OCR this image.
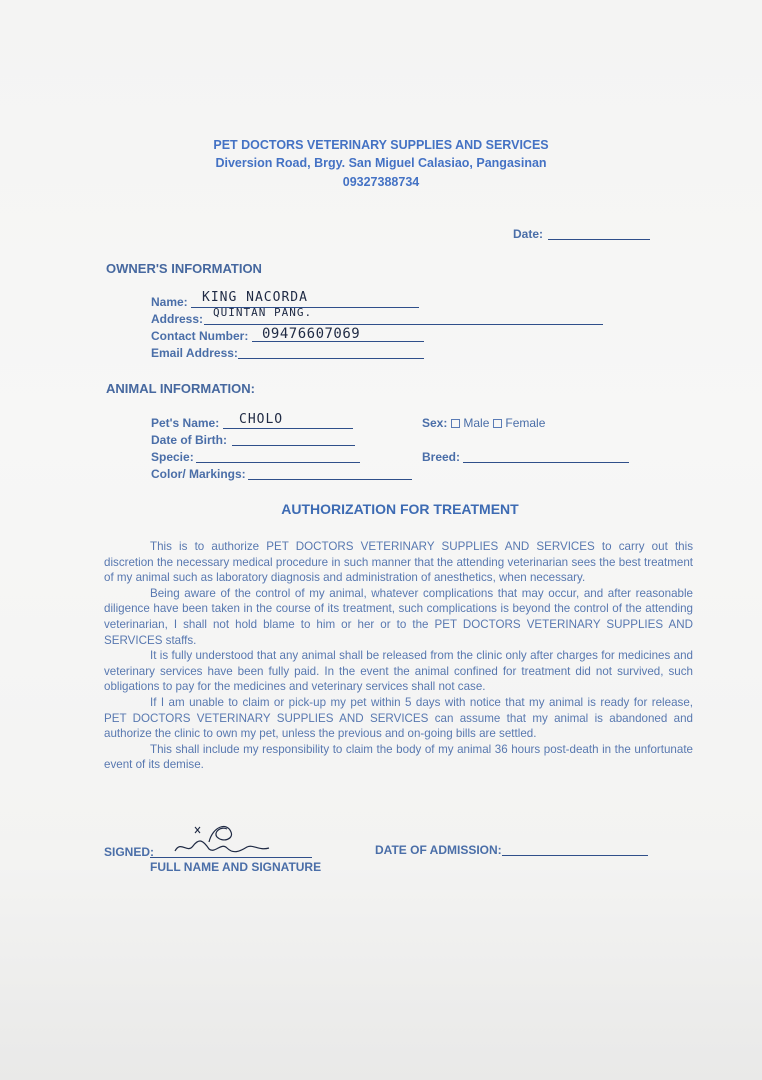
PET DOCTORS VETERINARY SUPPLIES AND SERVICES
Diversion Road, Brgy. San Miguel Calasiao, Pangasinan
09327388734
Date:
OWNER'S INFORMATION
Name: KING NACORDA
Address: QUINTAN PANG.
Contact Number: 09476607069
Email Address:
ANIMAL INFORMATION:
Pet's Name: CHOLO	Sex: Male Female
Date of Birth:
Specie:	Breed:
Color/ Markings:
AUTHORIZATION FOR TREATMENT

This is to authorize PET DOCTORS VETERINARY SUPPLIES AND SERVICES to carry out this discretion the necessary medical procedure in such manner that the attending veterinarian sees the best treatment of my animal such as laboratory diagnosis and administration of anesthetics, when necessary.

Being aware of the control of my animal, whatever complications that may occur, and after reasonable diligence have been taken in the course of its treatment, such complications is beyond the control of the attending veterinarian, I shall not hold blame to him or her or to the PET DOCTORS VETERINARY SUPPLIES AND SERVICES staffs.

It is fully understood that any animal shall be released from the clinic only after charges for medicines and veterinary services have been fully paid. In the event the animal confined for treatment did not survived, such obligations to pay for the medicines and veterinary services shall not case.

If I am unable to claim or pick-up my pet within 5 days with notice that my animal is ready for release, PET DOCTORS VETERINARY SUPPLIES AND SERVICES can assume that my animal is abandoned and authorize the clinic to own my pet, unless the previous and on-going bills are settled.

This shall include my responsibility to claim the body of my animal 36 hours post-death in the unfortunate event of its demise.

SIGNED:
FULL NAME AND SIGNATURE
DATE OF ADMISSION:
